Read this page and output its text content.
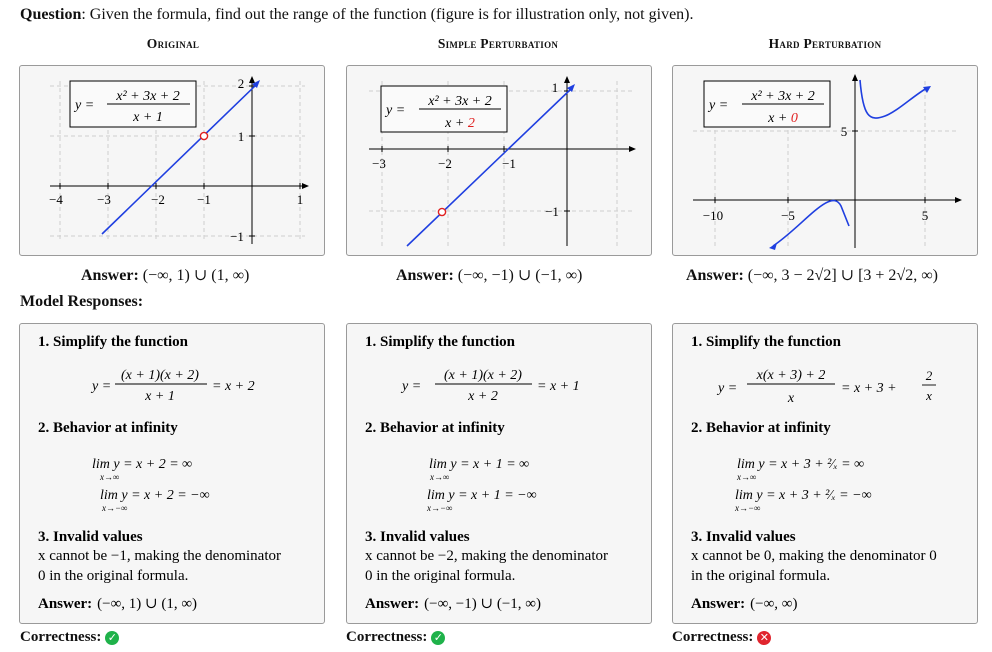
Question: Given the formula, find out the range of the function (figure is for illustration only, not given).
Original	Simple Perturbation	Hard Perturbation
−4	−3	−2 −1	1
2
1
−1
y =
x² + 3x + 2
x + 1
−3	−2	−1
1
−1
y =
x² + 3x + 2
x + 2
−10	−5	5
5
y =
x² + 3x + 2
x + 0
Answer: (−∞, 1) ∪ (1, ∞)	Answer: (−∞, −1) ∪ (−1, ∞)	Answer: (−∞, 3 − 2√2] ∪ [3 + 2√2, ∞)
Model Responses:
1. Simplify the function
y =
(x + 1)(x + 2)
x + 1
= x + 2
2. Behavior at infinity
lim y = x + 2 = ∞
x→∞
lim y = x + 2 = −∞
x→−∞
3. Invalid values
x cannot be −1, making the denominator
0 in the original formula.
Answer: (−∞, 1) ∪ (1, ∞)
1. Simplify the function
y =
(x + 1)(x + 2)
x + 2
= x + 1
2. Behavior at infinity
lim y = x + 1 = ∞
x→∞
lim y = x + 1 = −∞
x→−∞
3. Invalid values
x cannot be −2, making the denominator
0 in the original formula.
Answer: (−∞, −1) ∪ (−1, ∞)
1. Simplify the function
y =
x(x + 3) + 2
x
= x + 3 +
2
x
2. Behavior at infinity
lim y = x + 3 + ²⁄ₓ = ∞
x→∞
lim y = x + 3 + ²⁄ₓ = −∞
x→−∞
3. Invalid values
x cannot be 0, making the denominator 0
in the original formula.
Answer: (−∞, ∞)
Correctness: ✓	Correctness: ✓	Correctness: ✕
